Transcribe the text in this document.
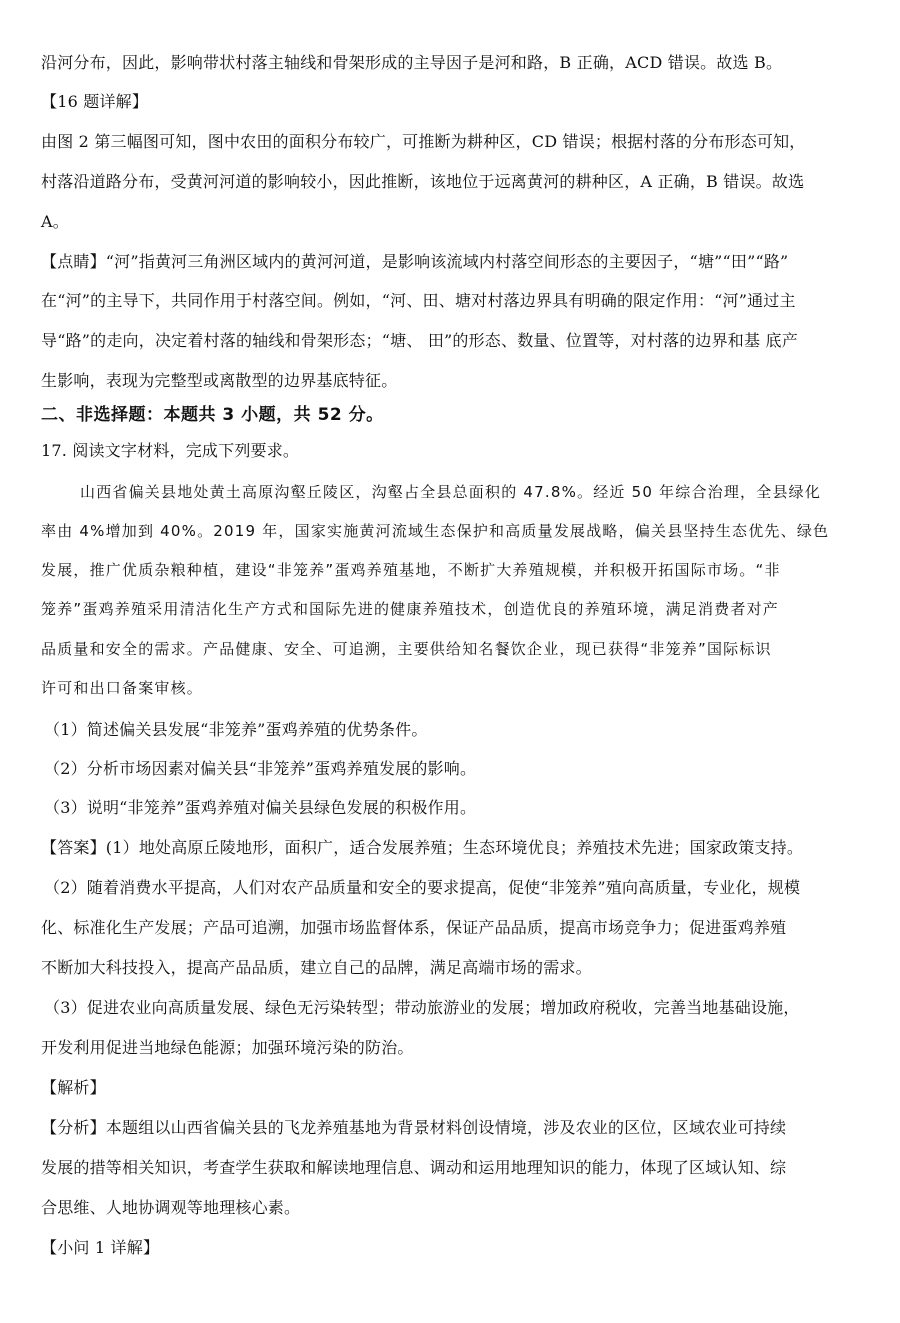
沿河分布，因此，影响带状村落主轴线和骨架形成的主导因子是河和路，B 正确，ACD 错误。故选 B。
【16 题详解】
由图 2 第三幅图可知，图中农田的面积分布较广，可推断为耕种区，CD 错误；根据村落的分布形态可知，
村落沿道路分布，受黄河河道的影响较小，因此推断，该地位于远离黄河的耕种区，A 正确，B 错误。故选
A。
【点睛】“河”指黄河三角洲区域内的黄河河道，是影响该流域内村落空间形态的主要因子，“塘”“田”“路”
在“河”的主导下，共同作用于村落空间。例如，“河、田、塘对村落边界具有明确的限定作用：“河”通过主
导“路”的走向，决定着村落的轴线和骨架形态；“塘、 田”的形态、数量、位置等，对村落的边界和基 底产
生影响，表现为完整型或离散型的边界基底特征。
二、非选择题：本题共 3 小题，共 52 分。
17. 阅读文字材料，完成下列要求。
山西省偏关县地处黄土高原沟壑丘陵区，沟壑占全县总面积的 47.8%。经近 50 年综合治理，全县绿化
率由 4%增加到 40%。2019 年，国家实施黄河流域生态保护和高质量发展战略，偏关县坚持生态优先、绿色
发展，推广优质杂粮种植，建设“非笼养”蛋鸡养殖基地，不断扩大养殖规模，并积极开拓国际市场。“非
笼养”蛋鸡养殖采用清洁化生产方式和国际先进的健康养殖技术，创造优良的养殖环境，满足消费者对产
品质量和安全的需求。产品健康、安全、可追溯，主要供给知名餐饮企业，现已获得“非笼养”国际标识
许可和出口备案审核。
（1）简述偏关县发展“非笼养”蛋鸡养殖的优势条件。
（2）分析市场因素对偏关县“非笼养”蛋鸡养殖发展的影响。
（3）说明“非笼养”蛋鸡养殖对偏关县绿色发展的积极作用。
【答案】(1）地处高原丘陵地形，面积广，适合发展养殖；生态环境优良；养殖技术先进；国家政策支持。
（2）随着消费水平提高，人们对农产品质量和安全的要求提高，促使“非笼养”殖向高质量，专业化，规模
化、标准化生产发展；产品可追溯，加强市场监督体系，保证产品品质，提高市场竞争力；促进蛋鸡养殖
不断加大科技投入，提高产品品质，建立自己的品牌，满足高端市场的需求。
（3）促进农业向高质量发展、绿色无污染转型；带动旅游业的发展；增加政府税收，完善当地基础设施，
开发利用促进当地绿色能源；加强环境污染的防治。
【解析】
【分析】本题组以山西省偏关县的飞龙养殖基地为背景材料创设情境，涉及农业的区位，区域农业可持续
发展的措等相关知识，考查学生获取和解读地理信息、调动和运用地理知识的能力，体现了区域认知、综
合思维、人地协调观等地理核心素。
【小问 1 详解】
